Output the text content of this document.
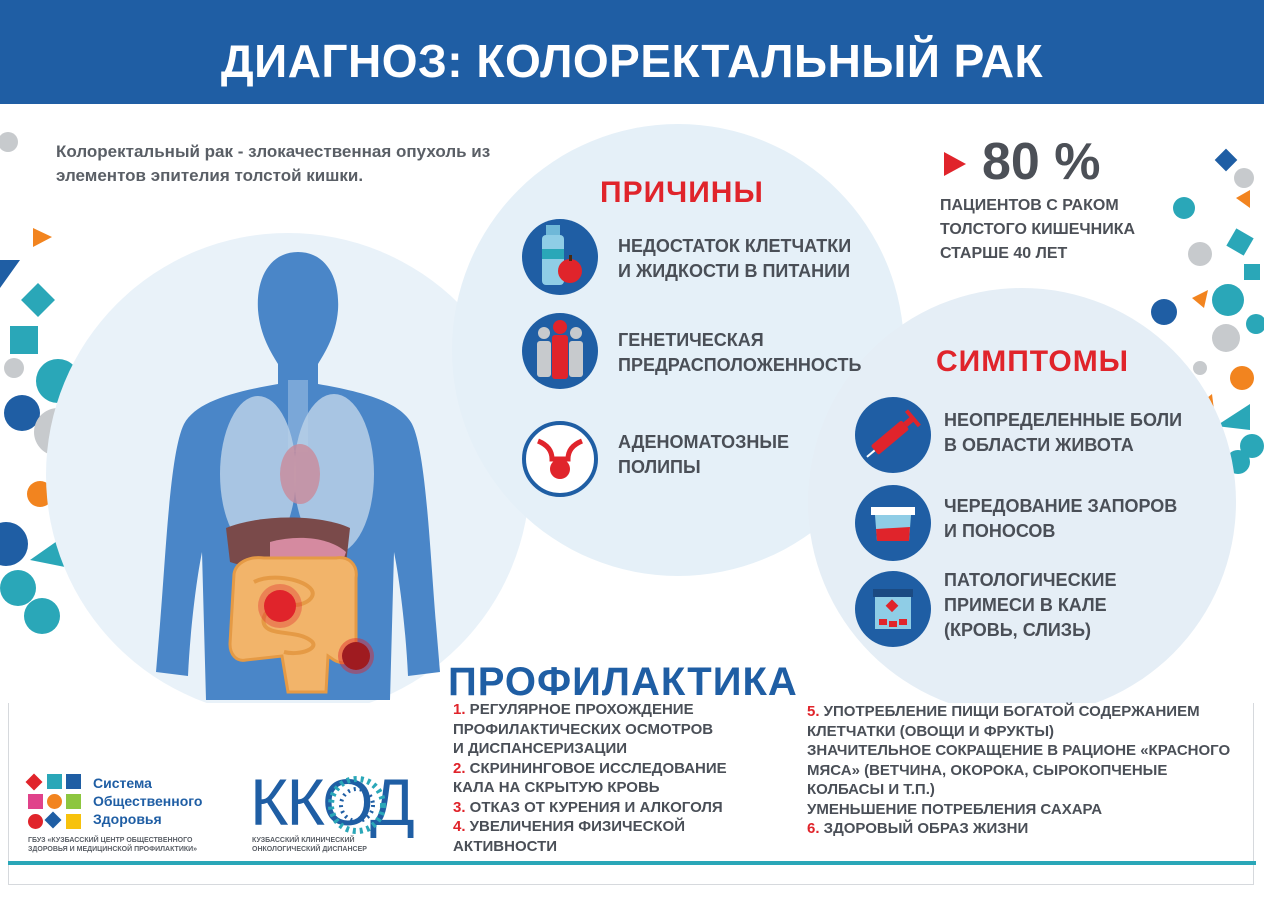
ДИАГНОЗ: КОЛОРЕКТАЛЬНЫЙ РАК
Колоректальный рак - злокачественная опухоль из
элементов эпителия толстой кишки.	80 %
ПАЦИЕНТОВ С РАКОМ
ТОЛСТОГО КИШЕЧНИКА
СТАРШЕ 40 ЛЕТ
ПРИЧИНЫ
НЕДОСТАТОК КЛЕТЧАТКИ
И ЖИДКОСТИ В ПИТАНИИ
ГЕНЕТИЧЕСКАЯ
ПРЕДРАСПОЛОЖЕННОСТЬ
АДЕНОМАТОЗНЫЕ
ПОЛИПЫ
СИМПТОМЫ
НЕОПРЕДЕЛЕННЫЕ БОЛИ
В ОБЛАСТИ ЖИВОТА
ЧЕРЕДОВАНИЕ ЗАПОРОВ
И ПОНОСОВ
ПАТОЛОГИЧЕСКИЕ
ПРИМЕСИ В КАЛЕ
(КРОВЬ, СЛИЗЬ)
ПРОФИЛАКТИКА
1. РЕГУЛЯРНОЕ ПРОХОЖДЕНИЕ
ПРОФИЛАКТИЧЕСКИХ ОСМОТРОВ
И ДИСПАНСЕРИЗАЦИИ
2. СКРИНИНГОВОЕ ИССЛЕДОВАНИЕ
КАЛА НА СКРЫТУЮ КРОВЬ
3. ОТКАЗ ОТ КУРЕНИЯ И АЛКОГОЛЯ
4. УВЕЛИЧЕНИЯ ФИЗИЧЕСКОЙ
АКТИВНОСТИ
5. УПОТРЕБЛЕНИЕ ПИЩИ БОГАТОЙ СОДЕРЖАНИЕМ
КЛЕТЧАТКИ (ОВОЩИ И ФРУКТЫ)
ЗНАЧИТЕЛЬНОЕ СОКРАЩЕНИЕ В РАЦИОНЕ «КРАСНОГО
МЯСА» (ВЕТЧИНА, ОКОРОКА, СЫРОКОПЧЕНЫЕ
КОЛБАСЫ И Т.П.)
УМЕНЬШЕНИЕ ПОТРЕБЛЕНИЯ САХАРА
6. ЗДОРОВЫЙ ОБРАЗ ЖИЗНИ
Система
Общественного
Здоровья
ГБУЗ «КУЗБАССКИЙ ЦЕНТР ОБЩЕСТВЕННОГО
ЗДОРОВЬЯ И МЕДИЦИНСКОЙ ПРОФИЛАКТИКИ»
ККОД
КУЗБАССКИЙ КЛИНИЧЕСКИЙ
ОНКОЛОГИЧЕСКИЙ ДИСПАНСЕР
